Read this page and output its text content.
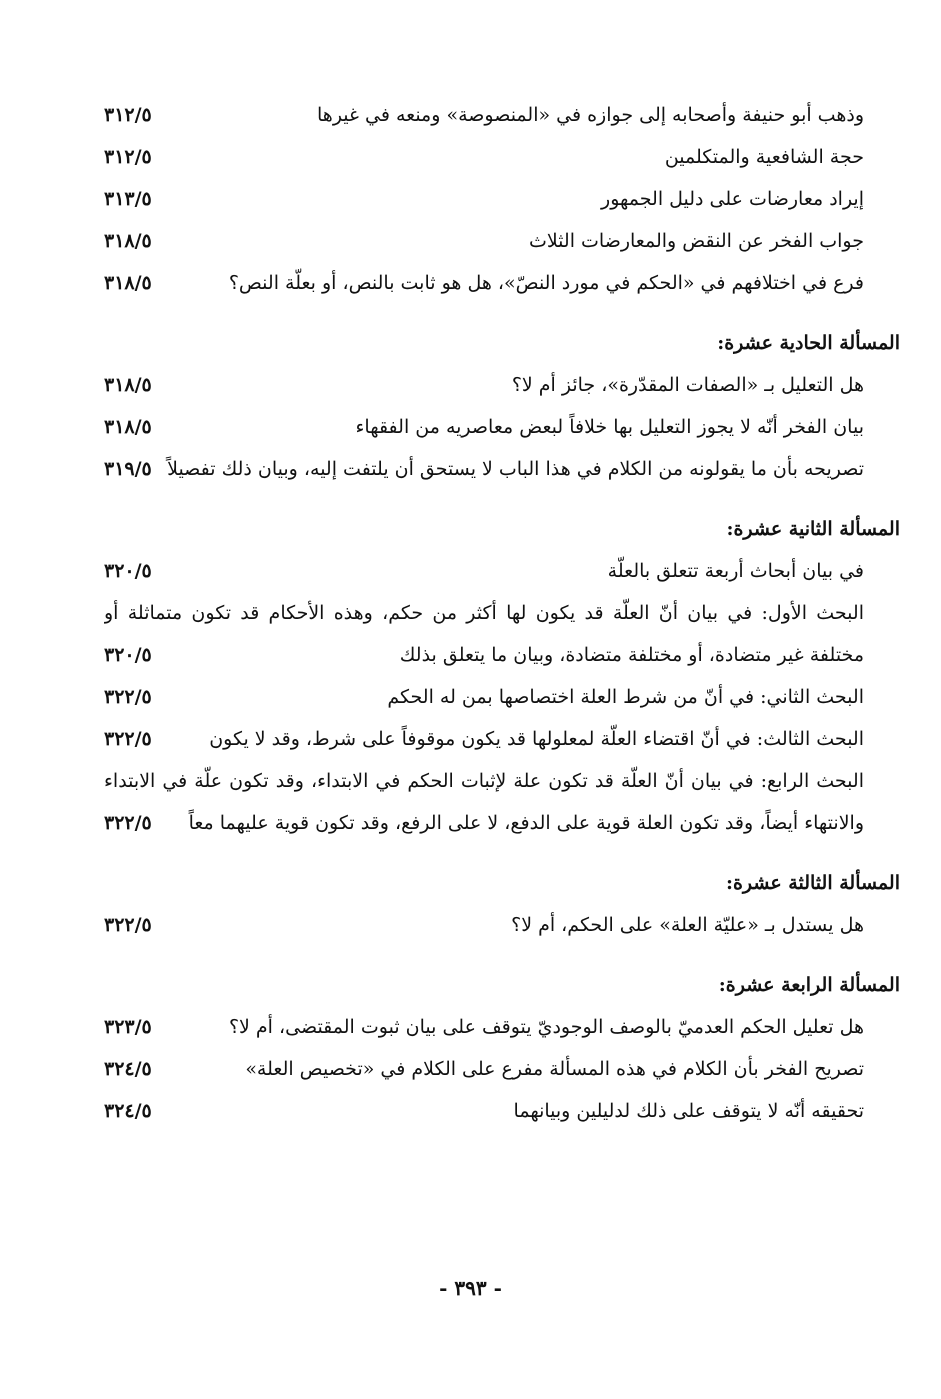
وذهب أبو حنيفة وأصحابه إلى جوازه في «المنصوصة» ومنعه في غيرها
٣١٢/٥
حجة الشافعية والمتكلمين
٣١٢/٥
إيراد معارضات على دليل الجمهور
٣١٣/٥
جواب الفخر عن النقض والمعارضات الثلاث
٣١٨/٥
فرع في اختلافهم في «الحكم في مورد النصّ»، هل هو ثابت بالنص، أو بعلّة النص؟
٣١٨/٥
المسألة الحادية عشرة:
هل التعليل بـ «الصفات المقدّرة»، جائز أم لا؟
٣١٨/٥
بيان الفخر أنّه لا يجوز التعليل بها خلافاً لبعض معاصريه من الفقهاء
٣١٨/٥
تصريحه بأن ما يقولونه من الكلام في هذا الباب لا يستحق أن يلتفت إليه، وبيان ذلك تفصيلاً
٣١٩/٥
المسألة الثانية عشرة:
في بيان أبحاث أربعة تتعلق بالعلّة
٣٢٠/٥
البحث الأول: في بيان أنّ العلّة قد يكون لها أكثر من حكم، وهذه الأحكام قد تكون متماثلة أو مختلفة غير متضادة، أو مختلفة متضادة، وبيان ما يتعلق بذلك
٣٢٠/٥
البحث الثاني: في أنّ من شرط العلة اختصاصها بمن له الحكم
٣٢٢/٥
البحث الثالث: في أنّ اقتضاء العلّة لمعلولها قد يكون موقوفاً على شرط، وقد لا يكون
٣٢٢/٥
البحث الرابع: في بيان أنّ العلّة قد تكون علة لإثبات الحكم في الابتداء، وقد تكون علّة في الابتداء والانتهاء أيضاً، وقد تكون العلة قوية على الدفع، لا على الرفع، وقد تكون قوية عليهما معاً
٣٢٢/٥
المسألة الثالثة عشرة:
هل يستدل بـ «عليّة العلة» على الحكم، أم لا؟
٣٢٢/٥
المسألة الرابعة عشرة:
هل تعليل الحكم العدميّ بالوصف الوجوديّ يتوقف على بيان ثبوت المقتضى، أم لا؟
٣٢٣/٥
تصريح الفخر بأن الكلام في هذه المسألة مفرع على الكلام في «تخصيص العلة»
٣٢٤/٥
تحقيقه أنّه لا يتوقف على ذلك لدليلين وبيانهما
٣٢٤/٥
- ٣٩٣ -
